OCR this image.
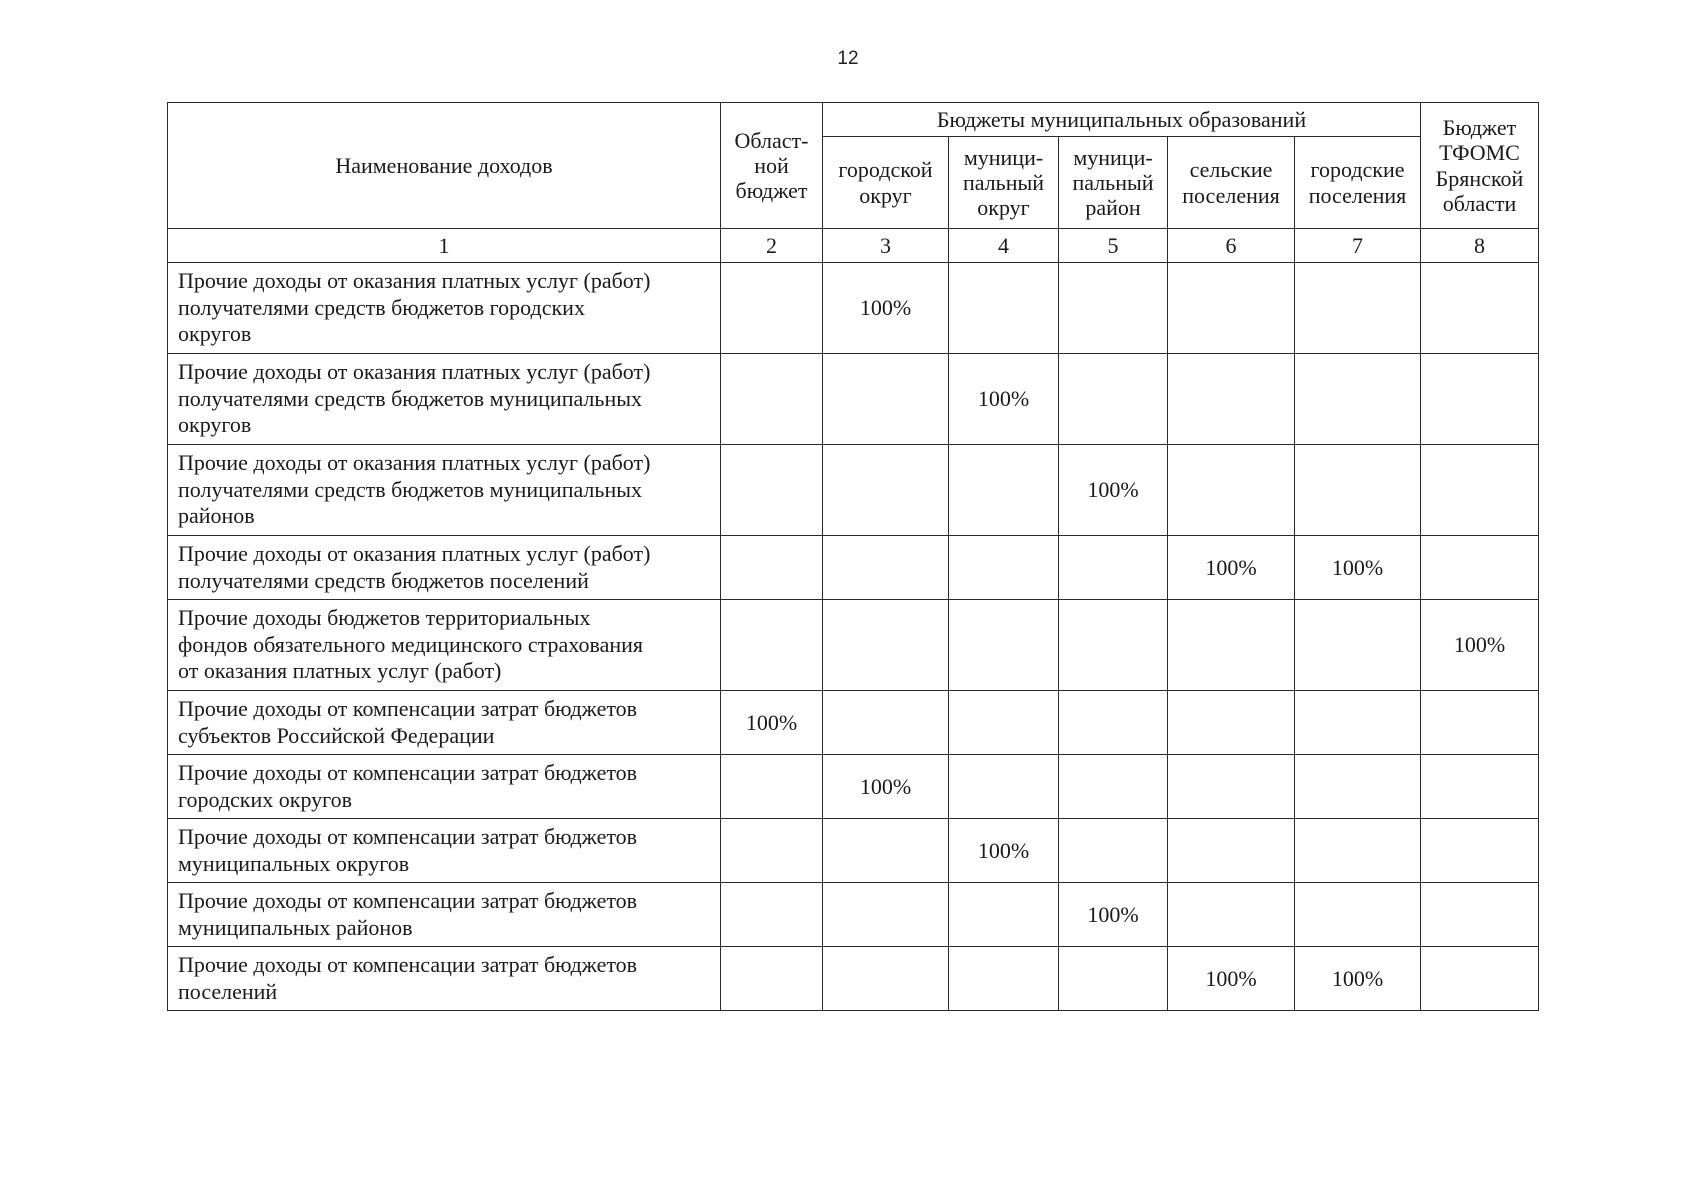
12
Наименование доходов	Област-
ной
бюджет	Бюджеты муниципальных образований					Бюджет
ТФОМС
Брянской
области
		городской
округ	муници-
пальный
округ	муници-
пальный
район	сельские
поселения	городские
поселения	
1	2	3	4	5	6	7	8
Прочие доходы от оказания платных услуг (работ)
получателями средств бюджетов городских
округов		100%					
Прочие доходы от оказания платных услуг (работ)
получателями средств бюджетов муниципальных
округов			100%				
Прочие доходы от оказания платных услуг (работ)
получателями средств бюджетов муниципальных
районов				100%			
Прочие доходы от оказания платных услуг (работ)
получателями средств бюджетов поселений					100%	100%	
Прочие доходы бюджетов территориальных
фондов обязательного медицинского страхования
от оказания платных услуг (работ)							100%
Прочие доходы от компенсации затрат бюджетов
субъектов Российской Федерации	100%						
Прочие доходы от компенсации затрат бюджетов
городских округов		100%					
Прочие доходы от компенсации затрат бюджетов
муниципальных округов			100%				
Прочие доходы от компенсации затрат бюджетов
муниципальных районов				100%			
Прочие доходы от компенсации затрат бюджетов
поселений					100%	100%	
